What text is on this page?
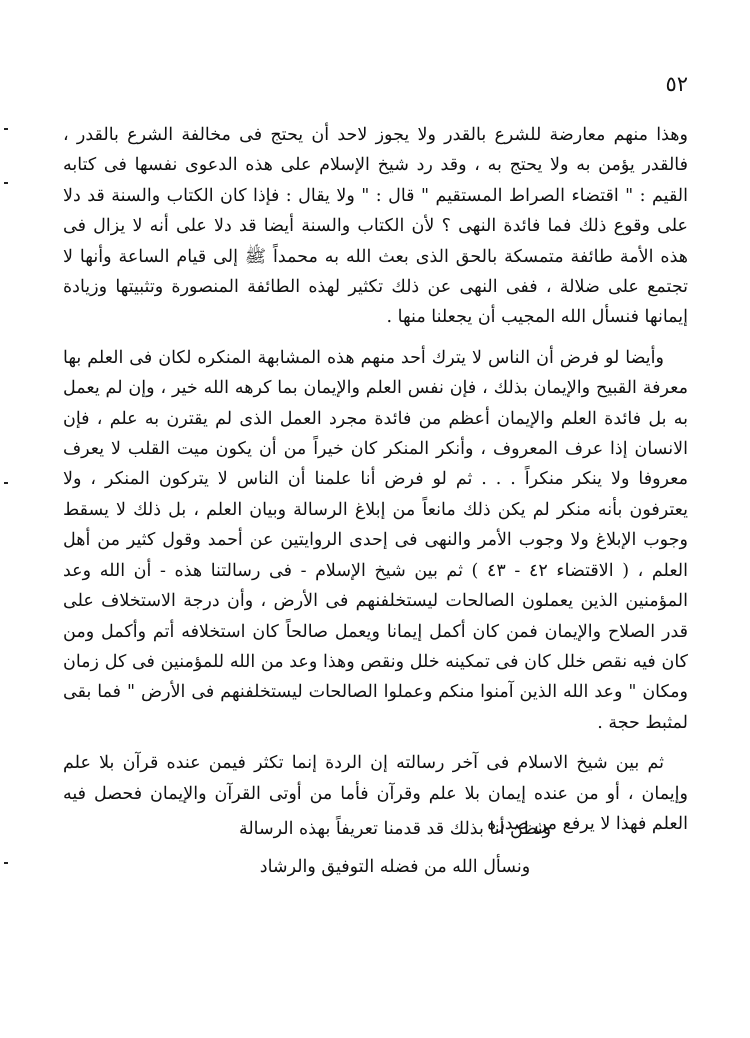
٥٢

وهذا منهم معارضة للشرع بالقدر ولا يجوز لاحد أن يحتج فى مخالفة الشرع بالقدر ، فالقدر يؤمن به ولا يحتج به ، وقد رد شيخ الإسلام على هذه الدعوى نفسها فى كتابه القيم : " اقتضاء الصراط المستقيم " قال : " ولا يقال : فإذا كان الكتاب والسنة قد دلا على وقوع ذلك فما فائدة النهى ؟ لأن الكتاب والسنة أيضا قد دلا على أنه لا يزال فى هذه الأمة طائفة متمسكة بالحق الذى بعث الله به محمداً ﷺ إلى قيام الساعة وأنها لا تجتمع على ضلالة ، ففى النهى عن ذلك تكثير لهذه الطائفة المنصورة وتثبيتها وزيادة إيمانها فنسأل الله المجيب أن يجعلنا منها .

وأيضا لو فرض أن الناس لا يترك أحد منهم هذه المشابهة المنكره لكان فى العلم بها معرفة القبيح والإيمان بذلك ، فإن نفس العلم والإيمان بما كرهه الله خير ، وإن لم يعمل به بل فائدة العلم والإيمان أعظم من فائدة مجرد العمل الذى لم يقترن به علم ، فإن الانسان إذا عرف المعروف ، وأنكر المنكر كان خيراً من أن يكون ميت القلب لا يعرف معروفا ولا ينكر منكراً . . . ثم لو فرض أنا علمنا أن الناس لا يتركون المنكر ، ولا يعترفون بأنه منكر لم يكن ذلك مانعاً من إبلاغ الرسالة وبيان العلم ، بل ذلك لا يسقط وجوب الإبلاغ ولا وجوب الأمر والنهى فى إحدى الروايتين عن أحمد وقول كثير من أهل العلم ، ( الاقتضاء ٤٢ - ٤٣ ) ثم بين شيخ الإسلام - فى رسالتنا هذه - أن الله وعد المؤمنين الذين يعملون الصالحات ليستخلفنهم فى الأرض ، وأن درجة الاستخلاف على قدر الصلاح والإيمان فمن كان أكمل إيمانا ويعمل صالحاً كان استخلافه أتم وأكمل ومن كان فيه نقص خلل كان فى تمكينه خلل ونقص وهذا وعد من الله للمؤمنين فى كل زمان ومكان " وعد الله الذين آمنوا منكم وعملوا الصالحات ليستخلفنهم فى الأرض " فما بقى لمثبط حجة .

ثم بين شيخ الاسلام فى آخر رسالته إن الردة إنما تكثر فيمن عنده قرآن بلا علم وإيمان ، أو من عنده إيمان بلا علم وقرآن فأما من أوتى القرآن والإيمان فحصل فيه العلم فهذا لا يرفع من صدره

ونظن أنا بذلك قد قدمنا تعريفاً بهذه الرسالة
ونسأل الله من فضله التوفيق والرشاد
